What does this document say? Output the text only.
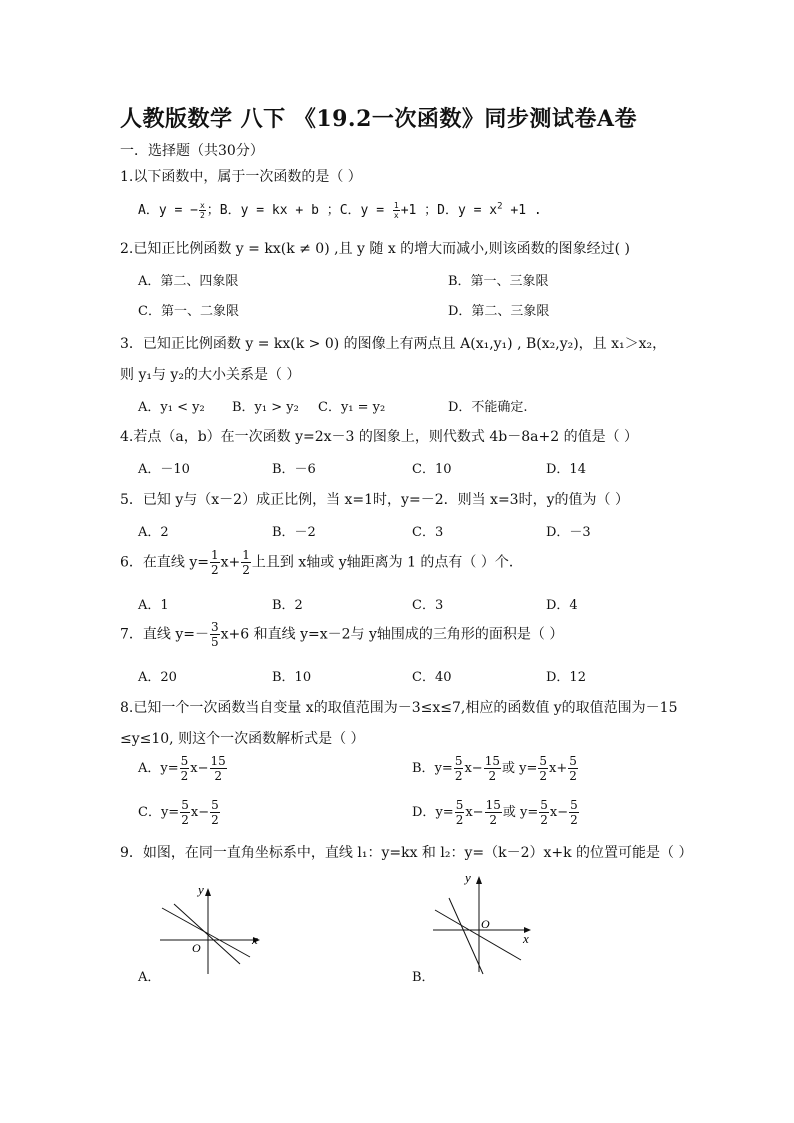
人教版数学 八下 《19.2一次函数》同步测试卷A卷
一．选择题（共30分）
1.以下函数中，属于一次函数的是（ ）
A．y = − $\frac{x}{2}$ ；B．y = kx + b ；C．$y = \frac{1}{x} +1$ ；D．$y = x^2 +1$ .
2.已知正比例函数 y = kx(k ≠ 0) ,且 y 随 x 的增大而减小,则该函数的图象经过( )
A．第二、四象限	B．第一、三象限
C．第一、二象限	D．第二、三象限
3．已知正比例函数 y = kx(k > 0) 的图像上有两点且 A(x₁,y₁) , B(x₂,y₂)，且 x₁＞x₂，
则 y₁与 y₂的大小关系是（ ）
A．y₁ < y₂ B．y₁ > y₂ C．y₁ = y₂	D．不能确定.
4.若点（a，b）在一次函数 y=2x－3 的图象上，则代数式 4b－8a+2 的值是（ ）
A．－10	B．－6	C．10	D．14
5．已知 y与（x－2）成正比例，当 x=1时，y=－2．则当 x=3时，y的值为（ ）
A．2	B．－2	C．3	D．－3
6．在直线 $y= \frac{1}{2} x+ \frac{1}{2}$ 上且到 x轴或 y轴距离为 1 的点有（ ）个．
A．1	B．2	C．3	D．4
7．直线 $y=- \frac{3}{5} x+6$ 和直线 y=x－2与 y轴围成的三角形的面积是（ ）
A．20	B．10	C．40	D．12
8.已知一个一次函数当自变量 x的取值范围为－3≤x≤7,相应的函数值 y的取值范围为－15
≤y≤10, 则这个一次函数解析式是（ ）
A．$y= \frac{5}{2} x- \frac{15}{2}$	B．$y= \frac{5}{2} x- \frac{15}{2}$ 或 $y= \frac{5}{2} x+ \frac{5}{2}$
C．$y= \frac{5}{2} x- \frac{5}{2}$	D．$y= \frac{5}{2} x- \frac{15}{2}$ 或 $y= \frac{5}{2} x- \frac{5}{2}$
9．如图，在同一直角坐标系中，直线 l₁：y=kx 和 l₂：y=（k－2）x+k 的位置可能是（ ）
x
y
O
A．
x
y
O
B．
